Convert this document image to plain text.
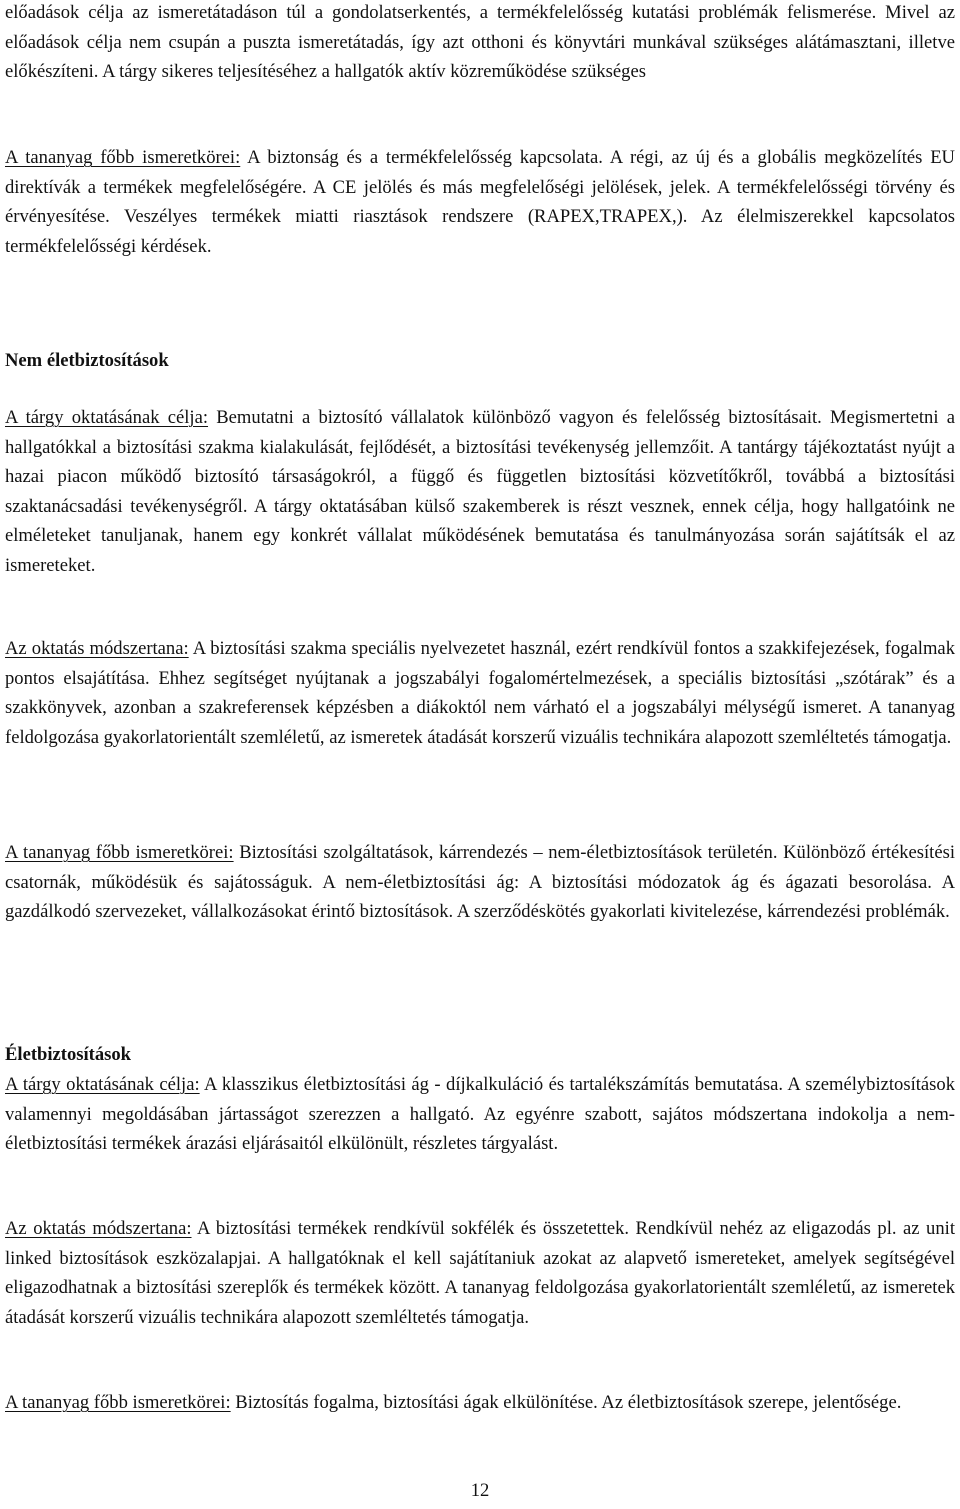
előadások célja az ismeretátadáson túl a gondolatserkentés, a termékfelelősség kutatási problémák felismerése. Mivel az előadások célja nem csupán a puszta ismeretátadás, így azt otthoni és könyvtári munkával szükséges alátámasztani, illetve előkészíteni. A tárgy sikeres teljesítéséhez a hallgatók aktív közreműködése szükséges

A tananyag főbb ismeretkörei: A biztonság és a termékfelelősség kapcsolata. A régi, az új és a globális megközelítés EU direktívák a termékek megfelelőségére. A CE jelölés és más megfelelőségi jelölések, jelek. A termékfelelősségi törvény és érvényesítése. Veszélyes termékek miatti riasztások rendszere (RAPEX,TRAPEX,). Az élelmiszerekkel kapcsolatos termékfelelősségi kérdések.

Nem életbiztosítások

A tárgy oktatásának célja: Bemutatni a biztosító vállalatok különböző vagyon és felelősség biztosításait. Megismertetni a hallgatókkal a biztosítási szakma kialakulását, fejlődését, a biztosítási tevékenység jellemzőit. A tantárgy tájékoztatást nyújt a hazai piacon működő biztosító társaságokról, a függő és független biztosítási közvetítőkről, továbbá a biztosítási szaktanácsadási tevékenységről. A tárgy oktatásában külső szakemberek is részt vesznek, ennek célja, hogy hallgatóink ne elméleteket tanuljanak, hanem egy konkrét vállalat működésének bemutatása és tanulmányozása során sajátítsák el az ismereteket.

Az oktatás módszertana: A biztosítási szakma speciális nyelvezetet használ, ezért rendkívül fontos a szakkifejezések, fogalmak pontos elsajátítása. Ehhez segítséget nyújtanak a jogszabályi fogalomértelmezések, a speciális biztosítási „szótárak” és a szakkönyvek, azonban a szakreferensek képzésben a diákoktól nem várható el a jogszabályi mélységű ismeret. A tananyag feldolgozása gyakorlatorientált szemléletű, az ismeretek átadását korszerű vizuális technikára alapozott szemléltetés támogatja.

A tananyag főbb ismeretkörei: Biztosítási szolgáltatások, kárrendezés – nem-életbiztosítások területén. Különböző értékesítési csatornák, működésük és sajátosságuk. A nem-életbiztosítási ág: A biztosítási módozatok ág és ágazati besorolása. A gazdálkodó szervezeket, vállalkozásokat érintő biztosítások. A szerződéskötés gyakorlati kivitelezése, kárrendezési problémák.

Életbiztosítások

A tárgy oktatásának célja: A klasszikus életbiztosítási ág - díjkalkuláció és tartalékszámítás bemutatása. A személybiztosítások valamennyi megoldásában jártasságot szerezzen a hallgató. Az egyénre szabott, sajátos módszertana indokolja a nem-életbiztosítási termékek árazási eljárásaitól elkülönült, részletes tárgyalást.

Az oktatás módszertana: A biztosítási termékek rendkívül sokfélék és összetettek. Rendkívül nehéz az eligazodás pl. az unit linked biztosítások eszközalapjai. A hallgatóknak el kell sajátítaniuk azokat az alapvető ismereteket, amelyek segítségével eligazodhatnak a biztosítási szereplők és termékek között. A tananyag feldolgozása gyakorlatorientált szemléletű, az ismeretek átadását korszerű vizuális technikára alapozott szemléltetés támogatja.

A tananyag főbb ismeretkörei: Biztosítás fogalma, biztosítási ágak elkülönítése. Az életbiztosítások szerepe, jelentősége.

12
